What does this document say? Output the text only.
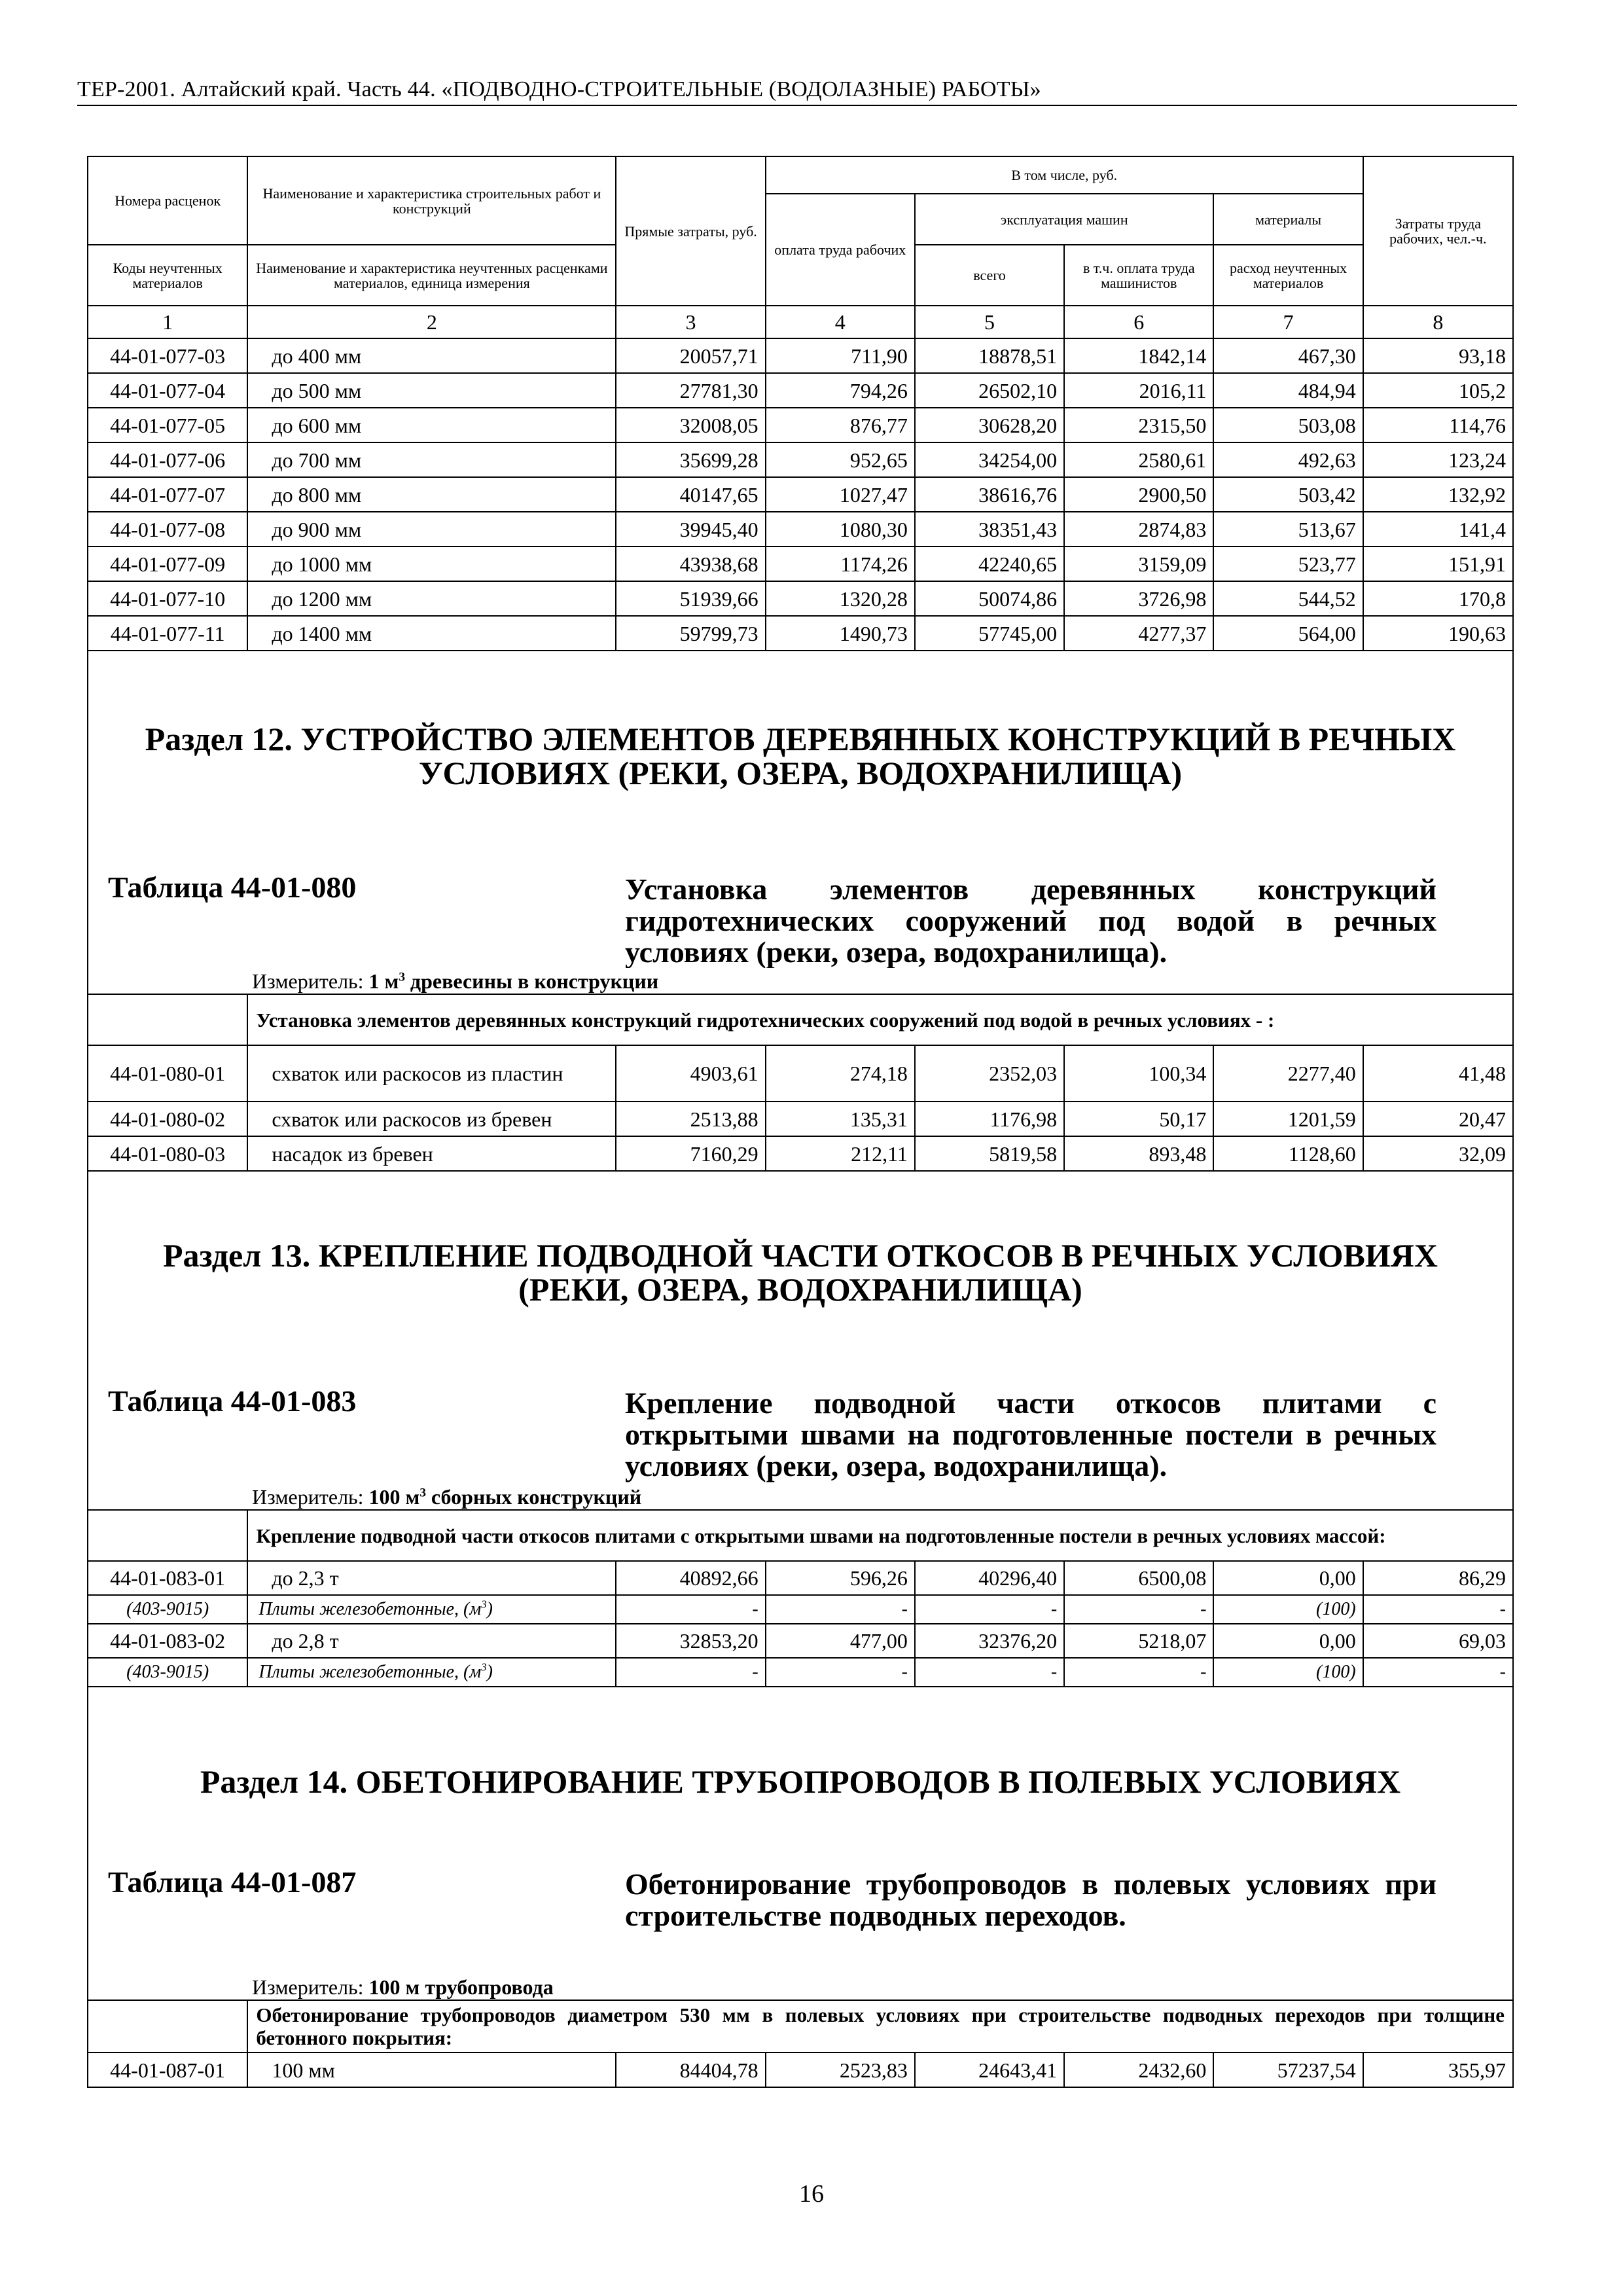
ТЕР-2001. Алтайский край. Часть 44. «ПОДВОДНО-СТРОИТЕЛЬНЫЕ (ВОДОЛАЗНЫЕ) РАБОТЫ»
Номера расценок	Наименование и характеристика строительных работ и конструкций	Прямые затраты, руб.	В том числе, руб.				Затраты труда рабочих, чел.-ч.
			оплата труда рабочих	эксплуатация машин		материалы	
Коды неучтенных материалов	Наименование и характеристика неучтенных расценками материалов, единица измерения			всего	в т.ч. оплата труда машинистов	расход неучтенных материалов	
1	2	3	4	5	6	7	8
44-01-077-03	до 400 мм	20057,71	711,90	18878,51	1842,14	467,30	93,18
44-01-077-04	до 500 мм	27781,30	794,26	26502,10	2016,11	484,94	105,2
44-01-077-05	до 600 мм	32008,05	876,77	30628,20	2315,50	503,08	114,76
44-01-077-06	до 700 мм	35699,28	952,65	34254,00	2580,61	492,63	123,24
44-01-077-07	до 800 мм	40147,65	1027,47	38616,76	2900,50	503,42	132,92
44-01-077-08	до 900 мм	39945,40	1080,30	38351,43	2874,83	513,67	141,4
44-01-077-09	до 1000 мм	43938,68	1174,26	42240,65	3159,09	523,77	151,91
44-01-077-10	до 1200 мм	51939,66	1320,28	50074,86	3726,98	544,52	170,8
44-01-077-11	до 1400 мм	59799,73	1490,73	57745,00	4277,37	564,00	190,63

Раздел 12. УСТРОЙСТВО ЭЛЕМЕНТОВ ДЕРЕВЯННЫХ КОНСТРУКЦИЙ В РЕЧНЫХ
УСЛОВИЯХ (РЕКИ, ОЗЕРА, ВОДОХРАНИЛИЩА)
Таблица 44-01-080 Установка элементов деревянных конструкций гидротехнических сооружений под водой в речных условиях (реки, озера, водохранилища).							

Измеритель: 1 $м^3$ древесины в конструкции							
	Установка элементов деревянных конструкций гидротехнических сооружений под водой в речных условиях - :						
44-01-080-01	схваток или раскосов из пластин	4903,61	274,18	2352,03	100,34	2277,40	41,48
44-01-080-02	схваток или раскосов из бревен	2513,88	135,31	1176,98	50,17	1201,59	20,47
44-01-080-03	насадок из бревен	7160,29	212,11	5819,58	893,48	1128,60	32,09

Раздел 13. КРЕПЛЕНИЕ ПОДВОДНОЙ ЧАСТИ ОТКОСОВ В РЕЧНЫХ УСЛОВИЯХ
(РЕКИ, ОЗЕРА, ВОДОХРАНИЛИЩА)
Таблица 44-01-083 Крепление подводной части откосов плитами с открытыми швами на подготовленные постели в речных условиях (реки, озера, водохранилища).							

Измеритель: 100 $м^3$ сборных конструкций							
	Крепление подводной части откосов плитами с открытыми швами на подготовленные постели в речных условиях массой:						
44-01-083-01	до 2,3 т	40892,66	596,26	40296,40	6500,08	0,00	86,29
(403-9015)	Плиты железобетонные, $(м^3)$	-	-	-	-	(100)	-
44-01-083-02	до 2,8 т	32853,20	477,00	32376,20	5218,07	0,00	69,03
(403-9015)	Плиты железобетонные, $(м^3)$	-	-	-	-	(100)	-

Раздел 14. ОБЕТОНИРОВАНИЕ ТРУБОПРОВОДОВ В ПОЛЕВЫХ УСЛОВИЯХ
Таблица 44-01-087 Обетонирование трубопроводов в полевых условиях при строительстве подводных переходов.							

Измеритель: 100 м трубопровода							
	Обетонирование трубопроводов диаметром 530 мм в полевых условиях при строительстве подводных переходов при толщине бетонного покрытия:						
44-01-087-01	100 мм	84404,78	2523,83	24643,41	2432,60	57237,54	355,97
16
